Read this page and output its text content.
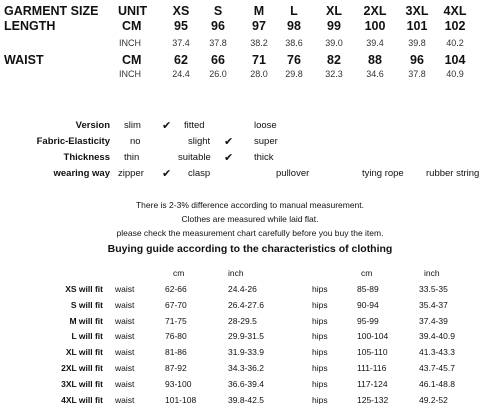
GARMENT SIZE UNIT	XS	S	M	L	XL	2XL	3XL	4XL
LENGTH	CM	95	96	97	98	99	100	101	102
INCH	37.4	37.8	38.2	38.6	39.0	39.4	39.8	40.2
WAIST	CM	62	66	71	76	82	88	96	104
INCH	24.4	26.0	28.0	29.8	32.3	34.6	37.8	40.9
Version slim ✔ fitted	loose
Fabric-Elasticity no	slight ✔ super
Thickness thin	suitable ✔ thick
wearing way zipper ✔ clasp	pullover	tying rope rubber string
There is 2-3% difference according to manual measurement.
Clothes are measured while laid flat.
please check the measurement chart carefully before you buy the item.
Buying guide according to the characteristics of clothing
cm	inch	cm	inch
XS will fit waist	62-66	24.4-26	hips	85-89	33.5-35
S will fit waist	67-70	26.4-27.6	hips	90-94	35.4-37
M will fit waist	71-75	28-29.5	hips	95-99	37.4-39
L will fit waist	76-80	29.9-31.5	hips	100-104	39.4-40.9
XL will fit waist	81-86	31.9-33.9	hips	105-110	41.3-43.3
2XL will fit waist	87-92	34.3-36.2	hips	111-116	43.7-45.7
3XL will fit waist	93-100	36.6-39.4	hips	117-124	46.1-48.8
4XL will fit waist	101-108	39.8-42.5	hips	125-132	49.2-52
